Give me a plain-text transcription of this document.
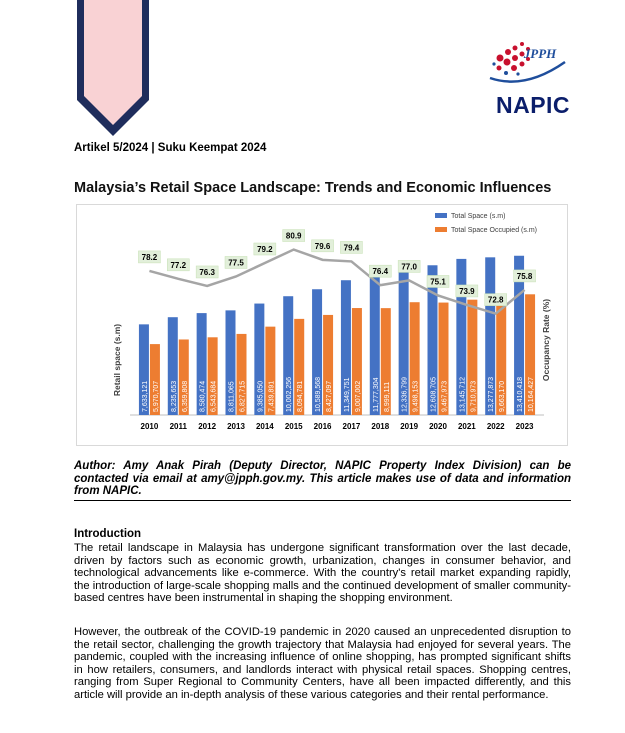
JPPH
NAPIC
Artikel 5/2024 | Suku Keempat 2024
Malaysia’s Retail Space Landscape: Trends and Economic Influences
Retail space (s.m)	Occupancy Rate (%)
7,633,121 5,970,707
2010
8,235,653 6,359,808
2011
8,580,474 6,543,684
2012
8,811,065 6,827,715
2013
9,385,050 7,439,891
2014
10,002,256 8,094,781
2015
10,589,568 8,427,097
2016
11,349,751 9,007,002
2017
11,777,304 8,999,111
2018
12,336,799 9,498,153
2019
12,608,705 9,467,973
2020
13,145,712 9,710,973
2021
13,277,873 9,663,170
2022
13,410,418 10,164,427
2023
78.2
77.2
76.3
77.5
79.2
80.9
79.6 79.4
76.4
77.0
75.1
73.9
72.8
75.8
Total Space (s.m)
Total Space Occupied (s.m)
Author: Amy Anak Pirah (Deputy Director, NAPIC Property Index Division) can be contacted via email at amy@jpph.gov.my. This article makes use of data and information from NAPIC.
Introduction

The retail landscape in Malaysia has undergone significant transformation over the last decade, driven by factors such as economic growth, urbanization, changes in consumer behavior, and technological advancements like e-commerce. With the country's retail market expanding rapidly, the introduction of large-scale shopping malls and the continued development of smaller community-based centres have been instrumental in shaping the shopping environment.

However, the outbreak of the COVID-19 pandemic in 2020 caused an unprecedented disruption to the retail sector, challenging the growth trajectory that Malaysia had enjoyed for several years. The pandemic, coupled with the increasing influence of online shopping, has prompted significant shifts in how retailers, consumers, and landlords interact with physical retail spaces. Shopping centres, ranging from Super Regional to Community Centers, have all been impacted differently, and this article will provide an in-depth analysis of these various categories and their rental performance.
